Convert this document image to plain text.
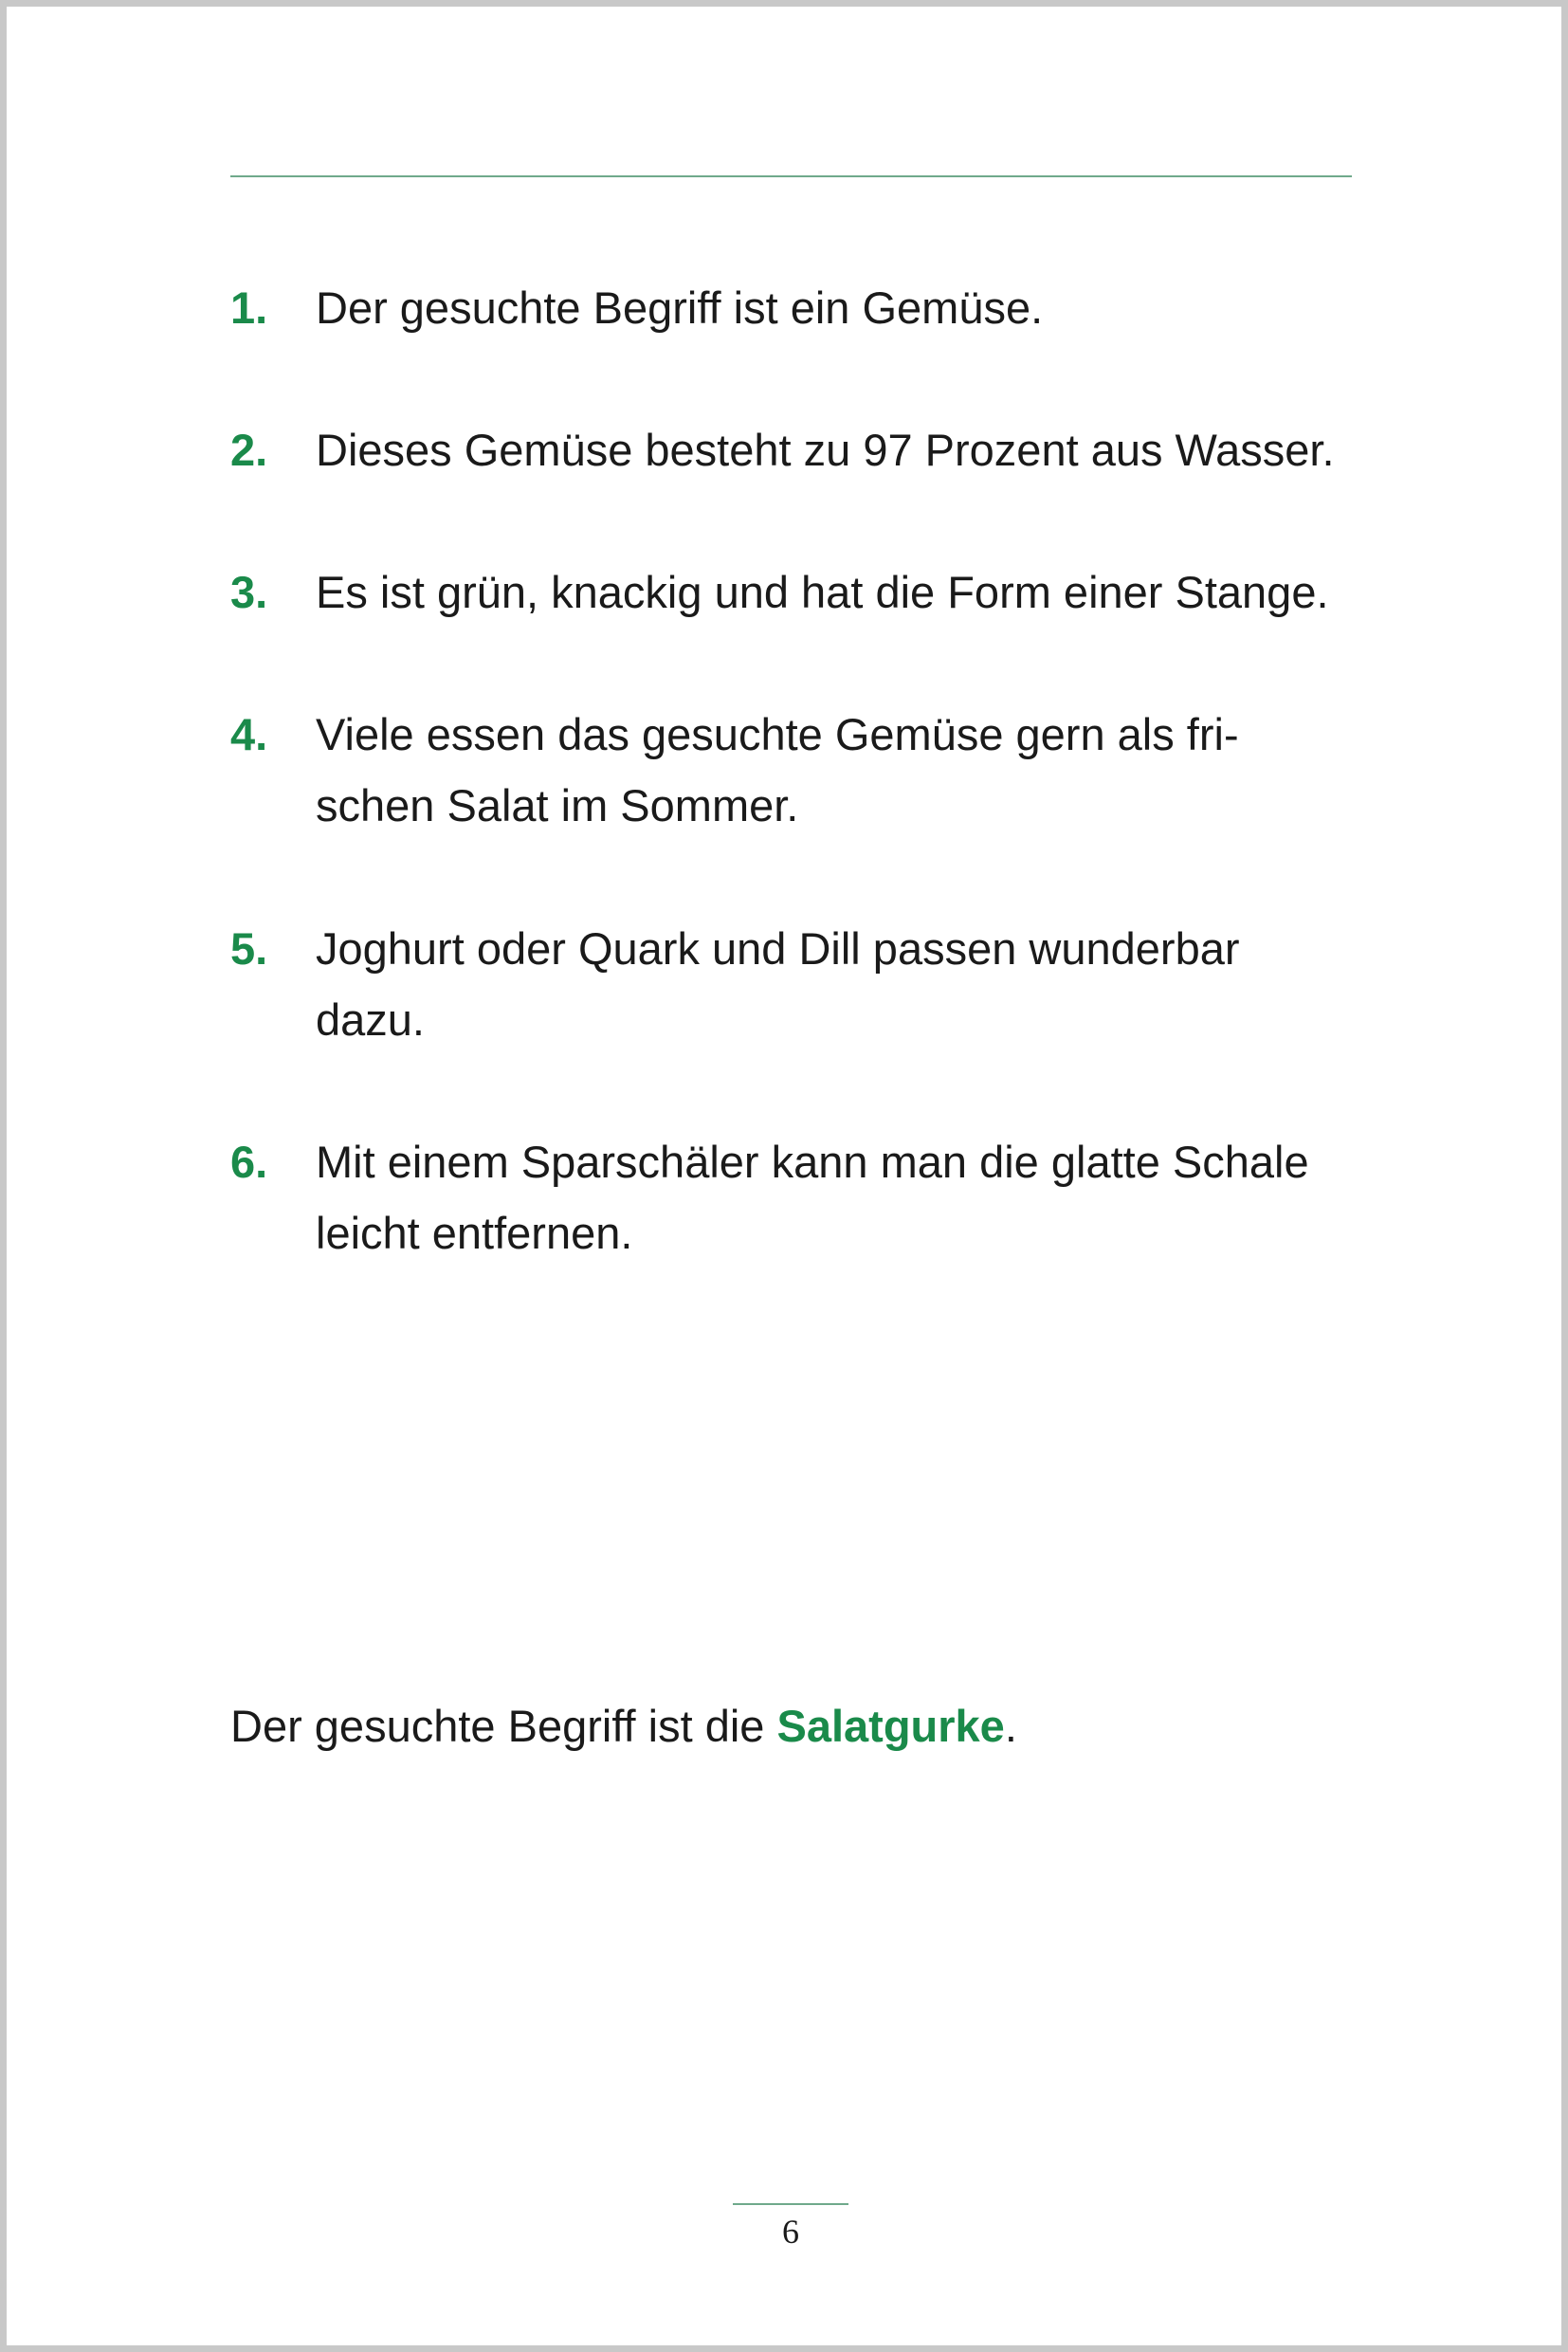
1. Der gesuchte Begriff ist ein Gemüse.
2. Dieses Gemüse besteht zu 97 Prozent aus Wasser.
3. Es ist grün, knackig und hat die Form einer Stange.
4. Viele essen das gesuchte Gemüse gern als fri-
schen Salat im Sommer.
5. Joghurt oder Quark und Dill passen wunderbar
dazu.
6. Mit einem Sparschäler kann man die glatte Schale
leicht entfernen.

Der gesuchte Begriff ist die Salatgurke.

6
